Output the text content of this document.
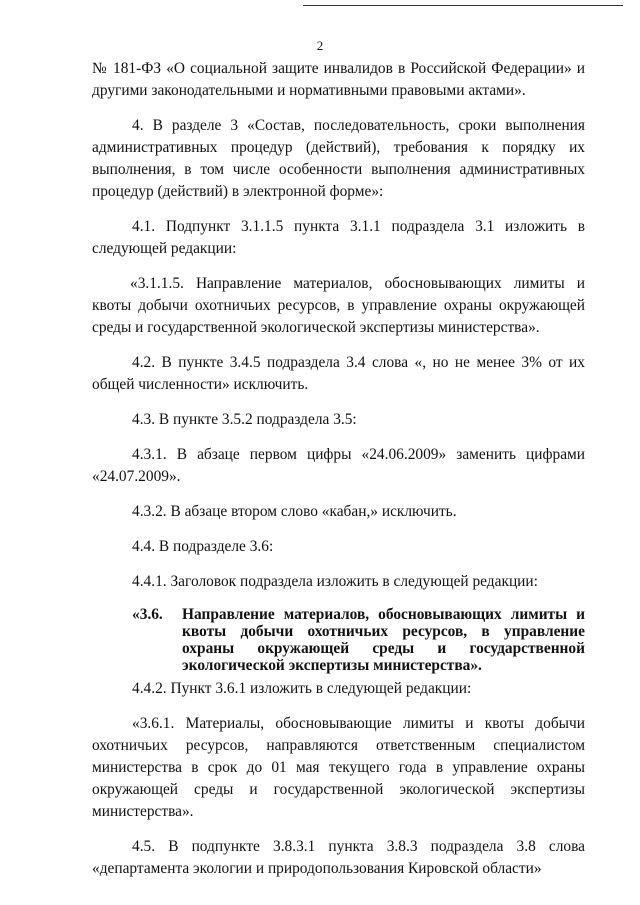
2

№ 181-ФЗ «О социальной защите инвалидов в Российской Федерации» и другими законодательными и нормативными правовыми актами».

4. В разделе 3 «Состав, последовательность, сроки выполнения административных процедур (действий), требования к порядку их выполнения, в том числе особенности выполнения административных процедур (действий) в электронной форме»:

4.1. Подпункт 3.1.1.5 пункта 3.1.1 подраздела 3.1 изложить в следующей редакции:

«3.1.1.5. Направление материалов, обосновывающих лимиты и квоты добычи охотничьих ресурсов, в управление охраны окружающей среды и государственной экологической экспертизы министерства».

4.2. В пункте 3.4.5 подраздела 3.4 слова «, но не менее 3% от их общей численности» исключить.

4.3. В пункте 3.5.2 подраздела 3.5:

4.3.1. В абзаце первом цифры «24.06.2009» заменить цифрами «24.07.2009».

4.3.2. В абзаце втором слово «кабан,» исключить.

4.4. В подразделе 3.6:

4.4.1. Заголовок подраздела изложить в следующей редакции:

«3.6.	Направление материалов, обосновывающих лимиты и квоты добычи охотничьих ресурсов, в управление охраны окружающей среды и государственной экологической экспертизы министерства».

4.4.2. Пункт 3.6.1 изложить в следующей редакции:

«3.6.1. Материалы, обосновывающие лимиты и квоты добычи охотничьих ресурсов, направляются ответственным специалистом министерства в срок до 01 мая текущего года в управление охраны окружающей среды и государственной экологической экспертизы министерства».

4.5. В подпункте 3.8.3.1 пункта 3.8.3 подраздела 3.8 слова «департамента экологии и природопользования Кировской области»
